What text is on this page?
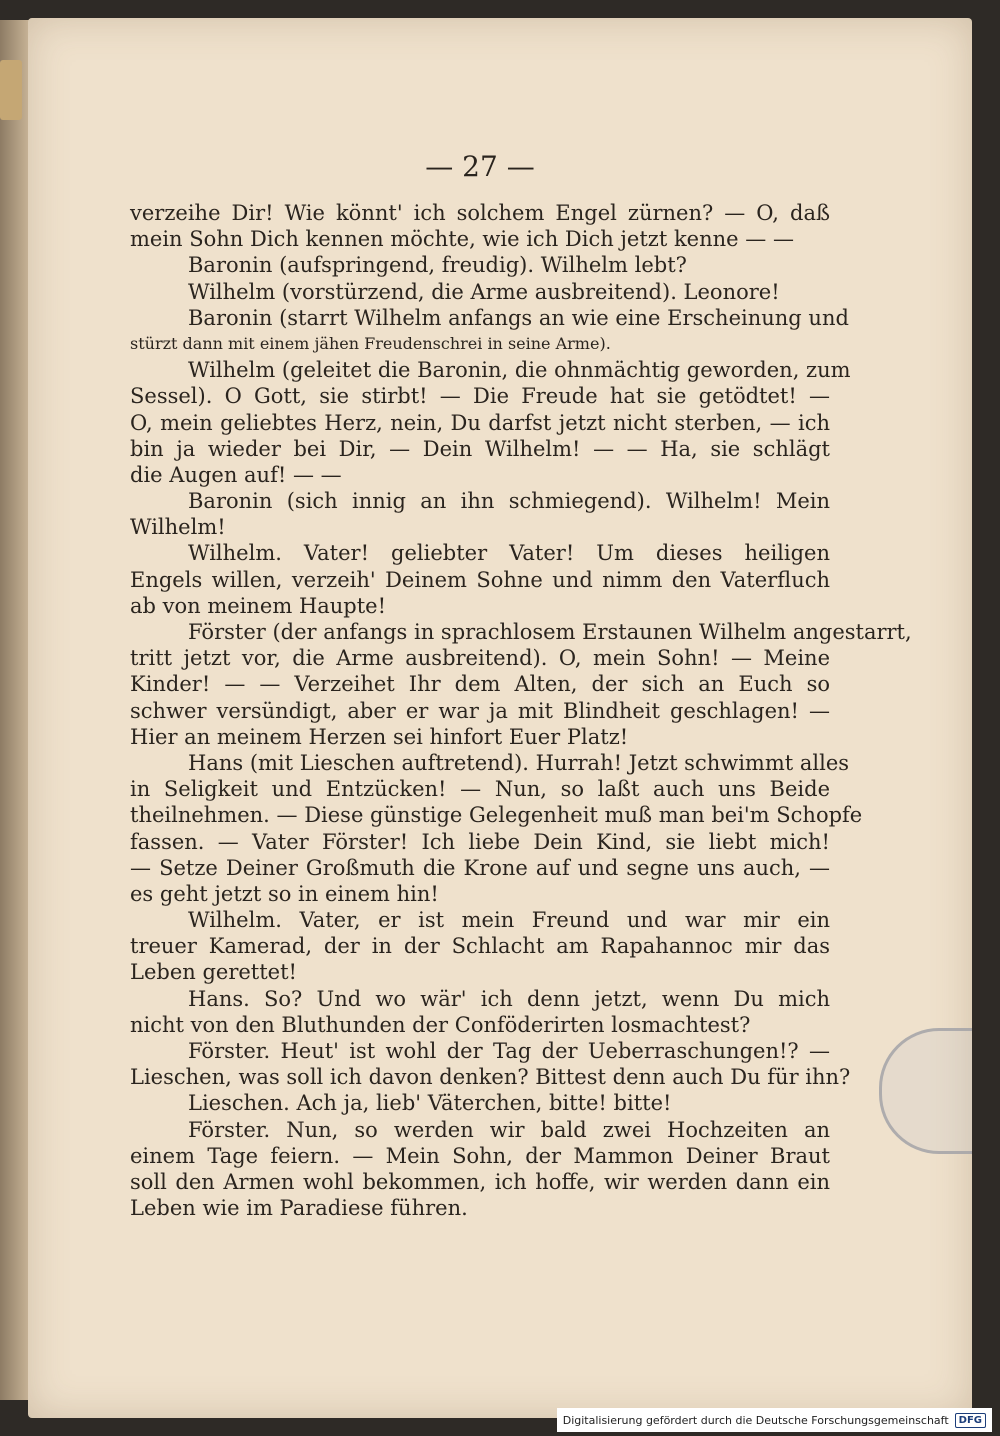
— 27 —
verzeihe Dir! Wie könnt' ich solchem Engel zürnen? — O, daß
mein Sohn Dich kennen möchte, wie ich Dich jetzt kenne — —
Baronin (aufspringend, freudig). Wilhelm lebt?
Wilhelm (vorstürzend, die Arme ausbreitend). Leonore!
Baronin (starrt Wilhelm anfangs an wie eine Erscheinung und
stürzt dann mit einem jähen Freudenschrei in seine Arme).
Wilhelm (geleitet die Baronin, die ohnmächtig geworden, zum
Sessel). O Gott, sie stirbt! — Die Freude hat sie getödtet! —
O, mein geliebtes Herz, nein, Du darfst jetzt nicht sterben, — ich
bin ja wieder bei Dir, — Dein Wilhelm! — — Ha, sie schlägt
die Augen auf! — —
Baronin (sich innig an ihn schmiegend). Wilhelm! Mein
Wilhelm!
Wilhelm. Vater! geliebter Vater! Um dieses heiligen
Engels willen, verzeih' Deinem Sohne und nimm den Vaterfluch
ab von meinem Haupte!
Förster (der anfangs in sprachlosem Erstaunen Wilhelm angestarrt,
tritt jetzt vor, die Arme ausbreitend). O, mein Sohn! — Meine
Kinder! — — Verzeihet Ihr dem Alten, der sich an Euch so
schwer versündigt, aber er war ja mit Blindheit geschlagen! —
Hier an meinem Herzen sei hinfort Euer Platz!
Hans (mit Lieschen auftretend). Hurrah! Jetzt schwimmt alles
in Seligkeit und Entzücken! — Nun, so laßt auch uns Beide
theilnehmen. — Diese günstige Gelegenheit muß man bei'm Schopfe
fassen. — Vater Förster! Ich liebe Dein Kind, sie liebt mich!
— Setze Deiner Großmuth die Krone auf und segne uns auch, —
es geht jetzt so in einem hin!
Wilhelm. Vater, er ist mein Freund und war mir ein
treuer Kamerad, der in der Schlacht am Rapahannoc mir das
Leben gerettet!
Hans. So? Und wo wär' ich denn jetzt, wenn Du mich
nicht von den Bluthunden der Conföderirten losmachtest?
Förster. Heut' ist wohl der Tag der Ueberraschungen!? —
Lieschen, was soll ich davon denken? Bittest denn auch Du für ihn?
Lieschen. Ach ja, lieb' Väterchen, bitte! bitte!
Förster. Nun, so werden wir bald zwei Hochzeiten an
einem Tage feiern. — Mein Sohn, der Mammon Deiner Braut
soll den Armen wohl bekommen, ich hoffe, wir werden dann ein
Leben wie im Paradiese führen.
Digitalisierung gefördert durch die Deutsche Forschungsgemeinschaft	DFG
